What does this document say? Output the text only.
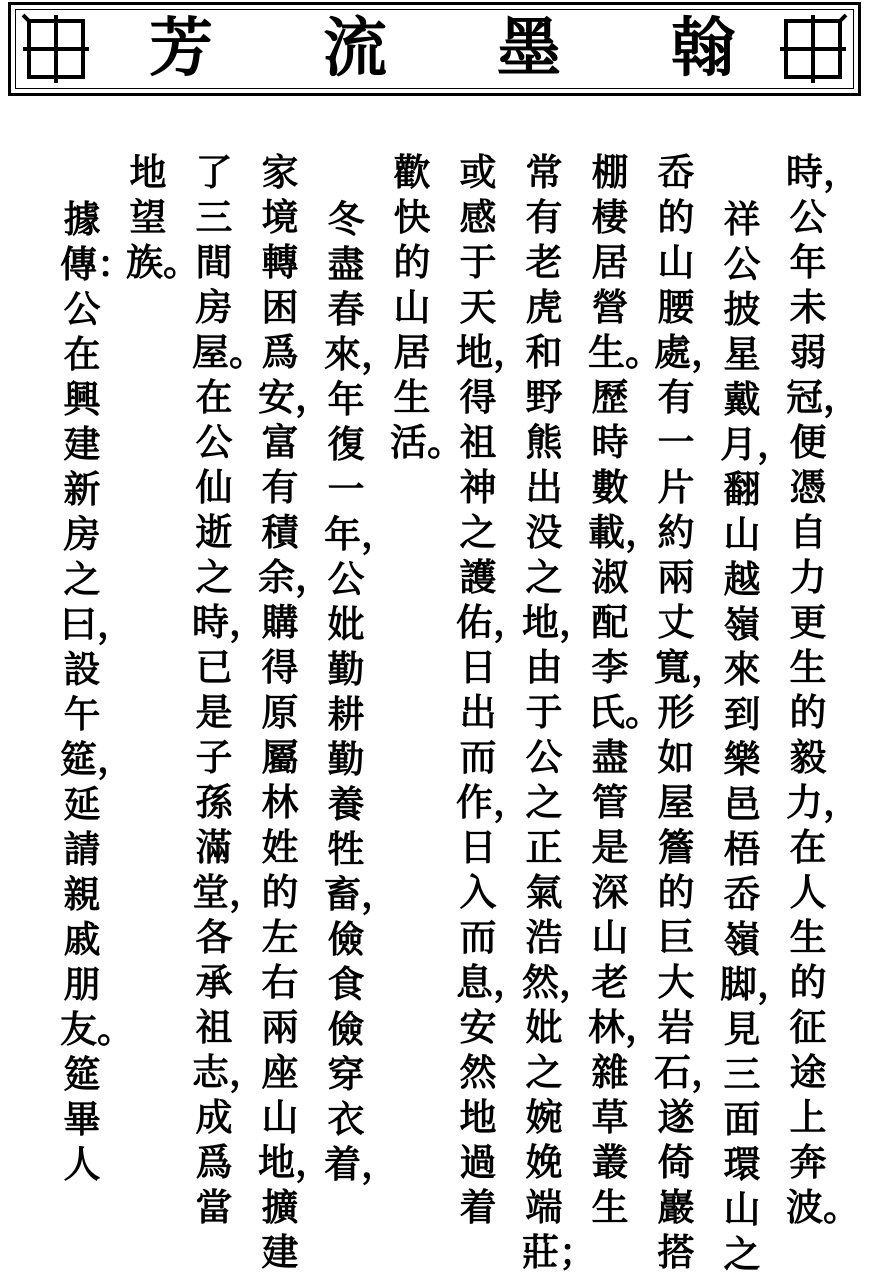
芳 流 墨 翰
時，公年未弱冠，便憑自力更生的毅力，在人生的征途上奔波。
祥公披星戴月，翻山越嶺來到樂邑梧岙嶺脚，見三面環山之
岙的山腰處，有一片約兩丈寬，形如屋簷的巨大岩石，遂倚巖搭
棚棲居營生。歷時數載，淑配李氏。盡管是深山老林，雜草叢生
常有老虎和野熊出没之地，由于公之正氣浩然，妣之婉娩端莊；
或感于天地，得祖神之護佑，日出而作，日入而息，安然地過着
歡快的山居生活。
冬盡春來，年復一年，公妣勤耕勤養牲畜，儉食儉穿衣着，
家境轉困爲安，富有積余，購得原屬林姓的左右兩座山地，擴建
了三間房屋。在公仙逝之時，已是子孫滿堂，各承祖志，成爲當
地望族。
據傳：公在興建新房之曰，設午筵，延請親戚朋友。筵畢人
